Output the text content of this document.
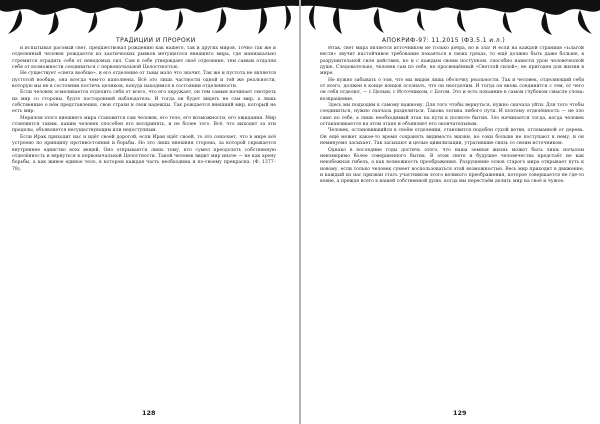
ТРАДИЦИИ И ПРОРОКИ

и испытывал расовый свет, предшествовал рождению как нашего, так и других миров. Точно так же и отделенный человек рождается из хаотических рывков метущегося внешнего мира, где маниакально стремится оградить себя от неведомых сил. Сам в себе утверждает своё отделение, тем самым отдаляя себя от возможности соединиться с первоначальной Целостностью.

Не существует «света вообще», и его отделение от тьмы мало что значит. Так же и пустота не является пустотой вообще, она всегда чем-то наполнена. Всё это лишь частности одной и той же реальности, которую мы не в состоянии постичь целиком, покуда находимся в состоянии отделенности.

Если человек осмеливается отделить себя от всего, что его окружает, он тем самым начинает смотреть на мир со стороны, будто посторонний наблюдатель. И тогда он будет видеть не сам мир, а лишь собственные о нём представления, свои страхи и свои надежды. Так рождается внешний мир, который не есть мир.

Мерилом этого внешнего мира становится сам человек, его тело, его возможности, его ожидания. Мир становится таким, каким человек способен его воспринять, и не более того. Всё, что выходит за эти пределы, объявляется несуществующим или недоступным.

Если Ирак приходит нас и идёт своей дорогой, если Иран идёт своей, то это означает, что в мире всё устроено по принципу противостояния и борьбы. Но это лишь внешняя сторона, за которой скрывается внутреннее единство всех вещей. Оно открывается лишь тому, кто сумел преодолеть собственную отделённость и вернуться к первоначальной Целостности. Такой человек видит мир иначе — не как арену борьбы, а как живое единое тело, в котором каждая часть необходима и по-своему прекрасна. (Ф. 1377–78).

128
АПОКРИФ-97: 11.2015 (ФЗ.5.1 и.л.)

Итак, свет мира является источником не только добра, но и зла! И если на каждой странице «Благой вести» звучит настойчивое требование покаяться в своих грехах, то ещё должно быть даже больше, в разрушительной силе действия, но и с каждым своим поступком, способно нанести урон человеческой душе. Следовательно, человек сам по себе, не просвещённый «Светлой силой», не пригоден для жизни в мире.

Не нужно забывать о том, что мы видим лишь оболочку реальности. Так и человек, отделяющий себя от всего, должен в конце концов осознать, что он неотделим. И тогда он вновь соединится с тем, от чего он себя отделил, — с Целым, с Источником, с Богом. Это и есть покаяние в самом глубоком смысле слова: возвращение.

Здесь мы подходим к самому важному. Для того чтобы вернуться, нужно сначала уйти. Для того чтобы соединиться, нужно сначала разделиться. Такова логика любого пути. И поэтому отделённость — не зло само по себе, а лишь необходимый этап на пути к полноте бытия. Зло начинается тогда, когда человек останавливается на этом этапе и объявляет его окончательным.

Человек, остановившийся в своём отделении, становится подобен сухой ветви, отломанной от дерева. Он ещё может какое-то время сохранять видимость жизни, но соки больше не поступают к нему, и он неминуемо засыхает. Так засыхают и целые цивилизации, утратившие связь со своим источником.

Однако в последние годы достичь этого, что наша земная жизнь может быть лишь началом неизмеримо более совершенного бытия. В этом свете и будущее человечества предстаёт не как неизбежная гибель, а как возможность преображения. Разрушение основ старого мира открывает путь к новому, если только человек сумеет воспользоваться этой возможностью. Весь мир приходит в движение, и каждый из нас призван стать участником этого великого преображения, которое совершается не где-то вовне, а прежде всего в нашей собственной душе, когда мы перестаём делить мир на своё и чужое.

129
